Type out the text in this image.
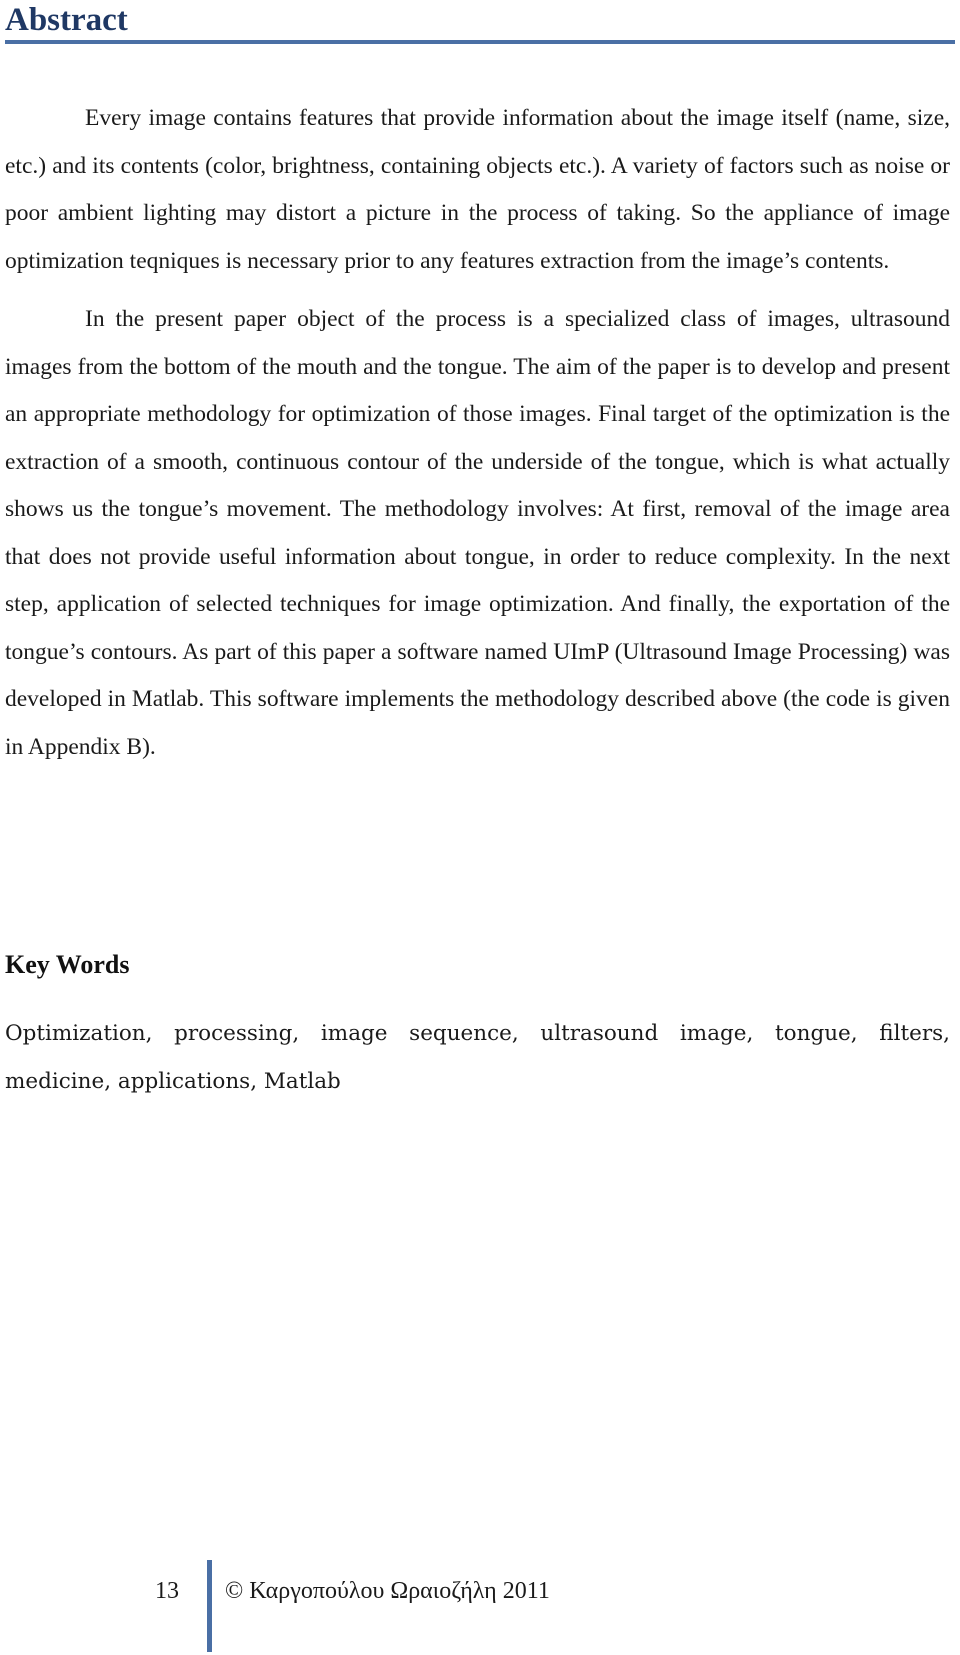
Abstract

Every image contains features that provide information about the image itself (name, size, etc.) and its contents (color, brightness, containing objects etc.). A variety of factors such as noise or poor ambient lighting may distort a picture in the process of taking. So the appliance of image optimization teqniques is necessary prior to any features extraction from the image’s contents.

In the present paper object of the process is a specialized class of images, ultrasound images from the bottom of the mouth and the tongue. The aim of the paper is to develop and present an appropriate methodology for optimization of those images. Final target of the optimization is the extraction of a smooth, continuous contour of the underside of the tongue, which is what actually shows us the tongue’s movement. The methodology involves: At first, removal of the image area that does not provide useful information about tongue, in order to reduce complexity. In the next step, application of selected techniques for image optimization. And finally, the exportation of the tongue’s contours. As part of this paper a software named UImP (Ultrasound Image Processing) was developed in Matlab. This software implements the methodology described above (the code is given in Appendix B).

Key Words

Optimization, processing, image sequence, ultrasound image, tongue, filters, medicine, applications, Matlab

13 © Καργοπούλου Ωραιοζήλη 2011
